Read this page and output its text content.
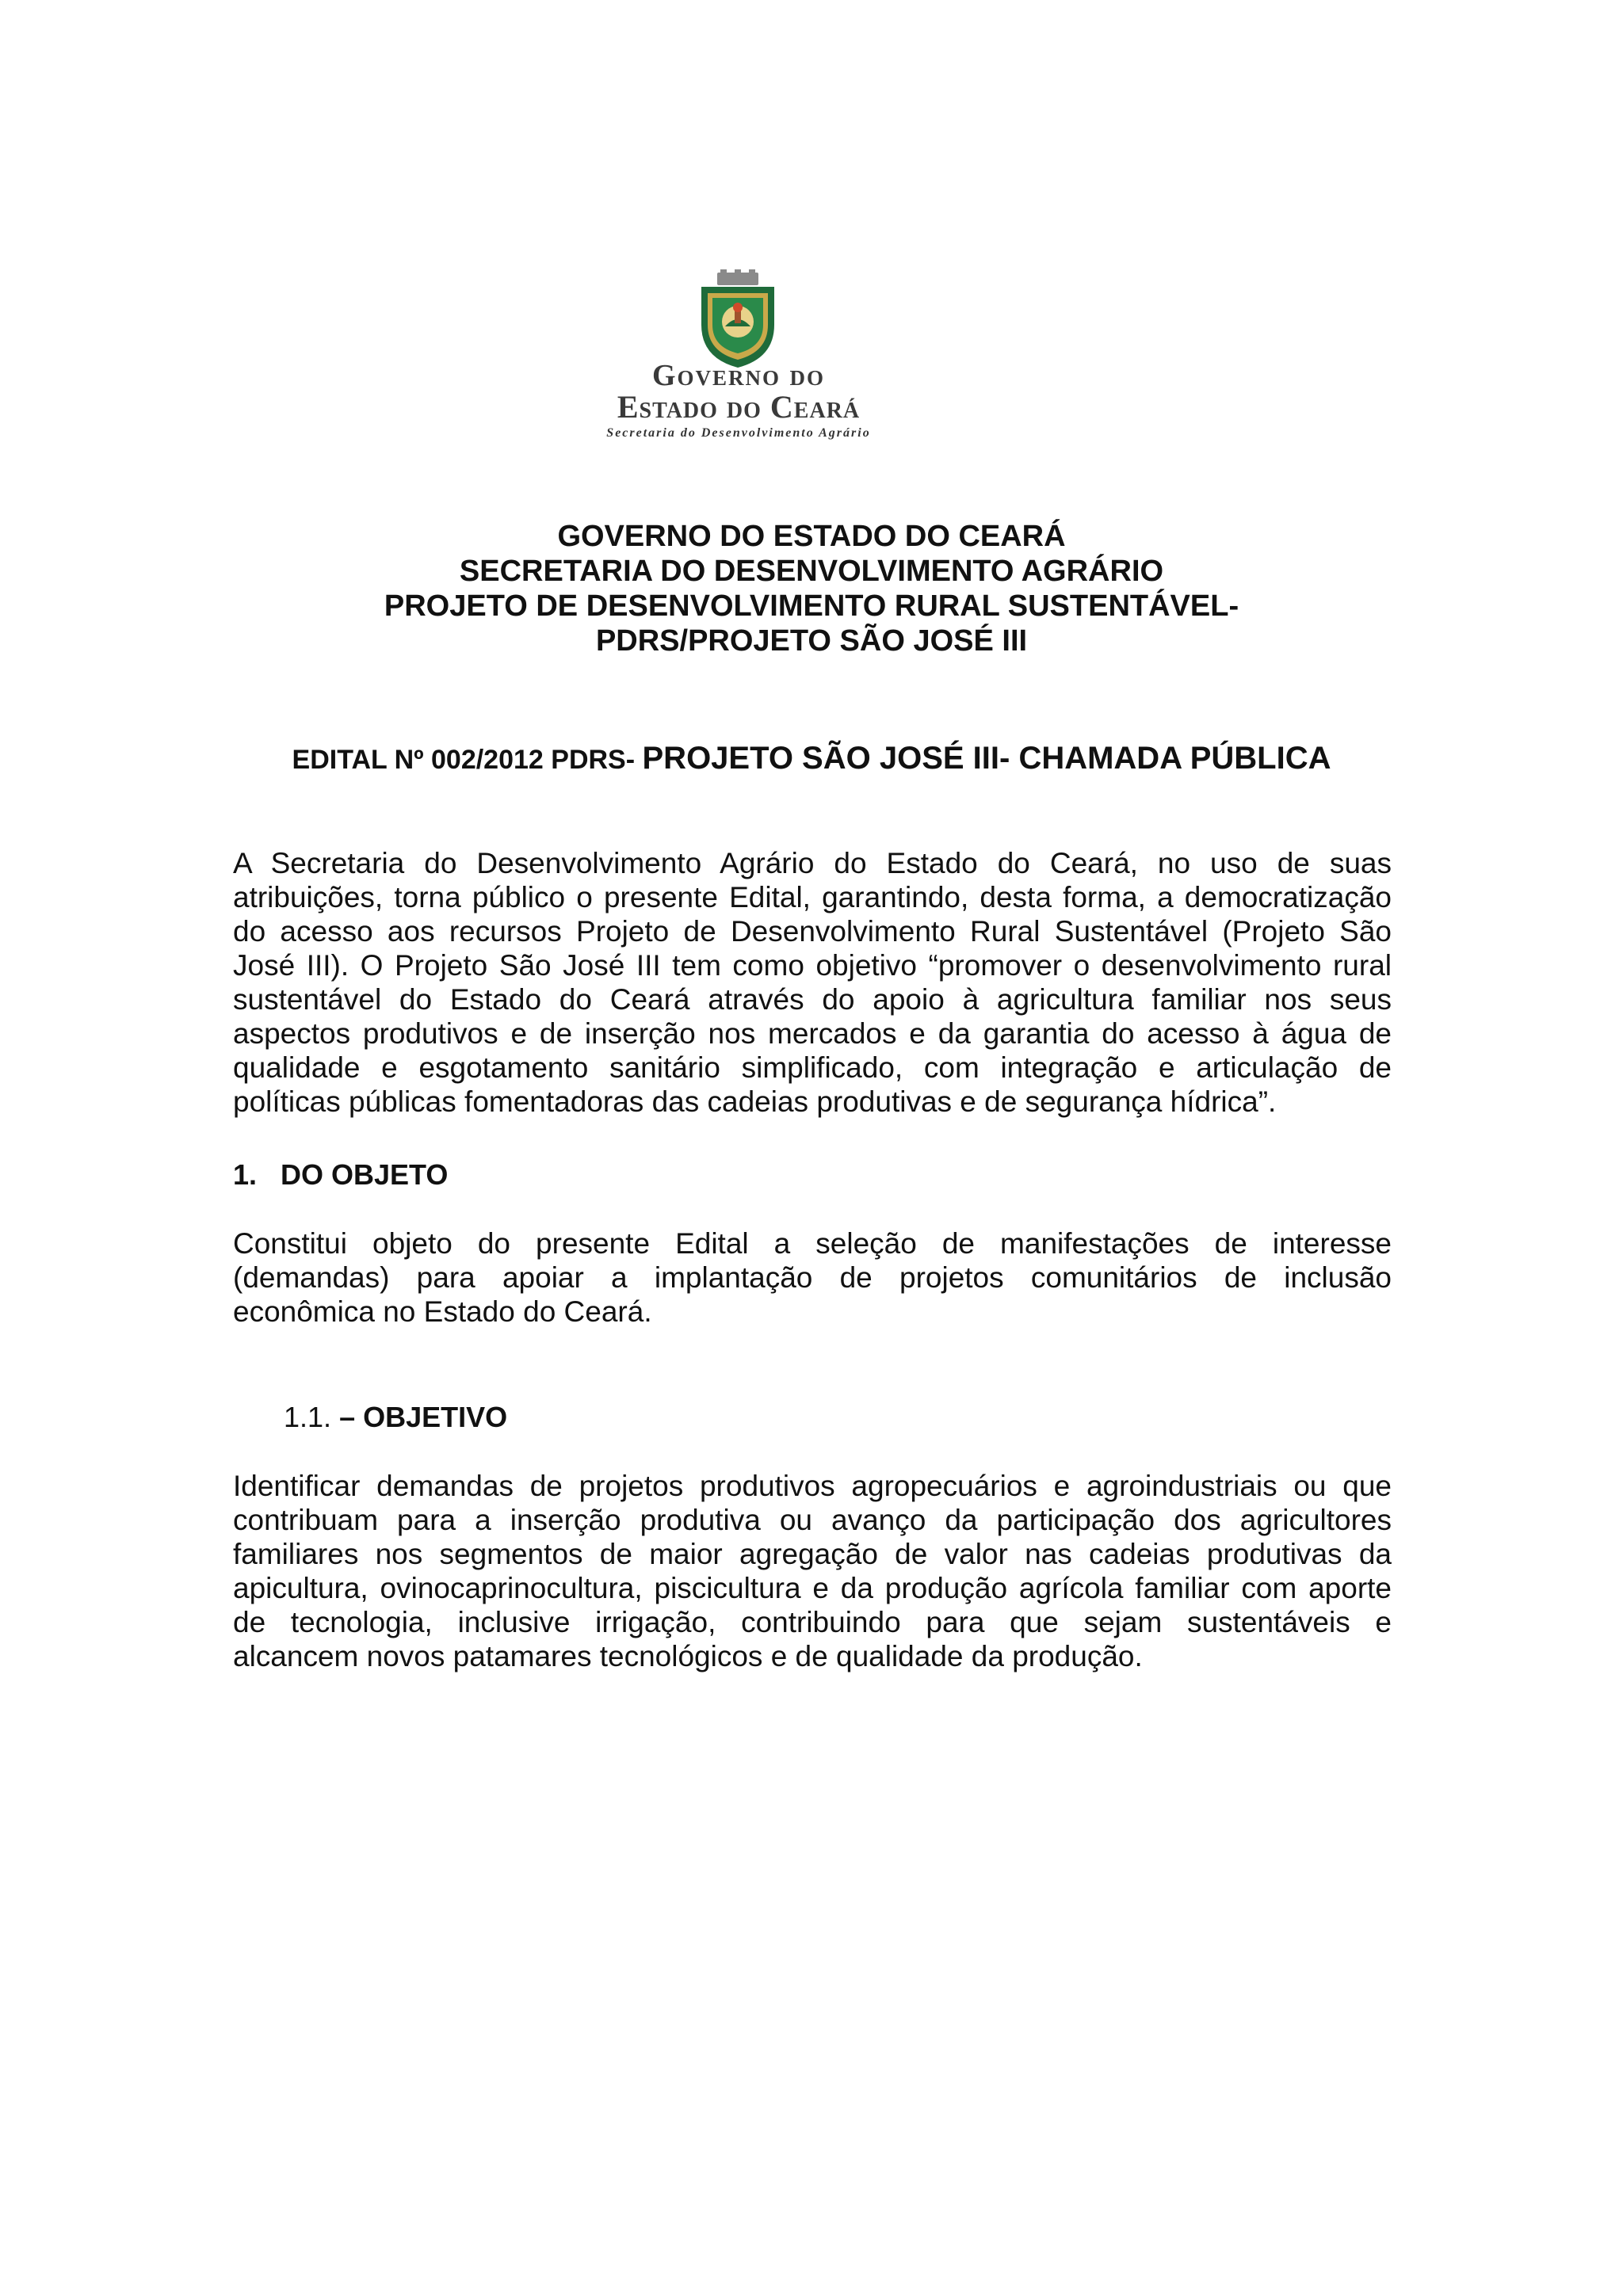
Governo do
Estado do Ceará
Secretaria do Desenvolvimento Agrário
GOVERNO DO ESTADO DO CEARÁ
SECRETARIA DO DESENVOLVIMENTO AGRÁRIO
PROJETO DE DESENVOLVIMENTO RURAL SUSTENTÁVEL-
PDRS/PROJETO SÃO JOSÉ III
EDITAL Nº 002/2012 PDRS- PROJETO SÃO JOSÉ III- CHAMADA PÚBLICA
A Secretaria do Desenvolvimento Agrário do Estado do Ceará, no uso de suas
atribuições, torna público o presente Edital, garantindo, desta forma, a democratização
do acesso aos recursos Projeto de Desenvolvimento Rural Sustentável (Projeto São
José III). O Projeto São José III tem como objetivo “promover o desenvolvimento rural
sustentável do Estado do Ceará através do apoio à agricultura familiar nos seus
aspectos produtivos e de inserção nos mercados e da garantia do acesso à água de
qualidade e esgotamento sanitário simplificado, com integração e articulação de
políticas públicas fomentadoras das cadeias produtivas e de segurança hídrica”.
1. DO OBJETO
Constitui objeto do presente Edital a seleção de manifestações de interesse
(demandas) para apoiar a implantação de projetos comunitários de inclusão
econômica no Estado do Ceará.
1.1. – OBJETIVO
Identificar demandas de projetos produtivos agropecuários e agroindustriais ou que
contribuam para a inserção produtiva ou avanço da participação dos agricultores
familiares nos segmentos de maior agregação de valor nas cadeias produtivas da
apicultura, ovinocaprinocultura, piscicultura e da produção agrícola familiar com aporte
de tecnologia, inclusive irrigação, contribuindo para que sejam sustentáveis e
alcancem novos patamares tecnológicos e de qualidade da produção.
